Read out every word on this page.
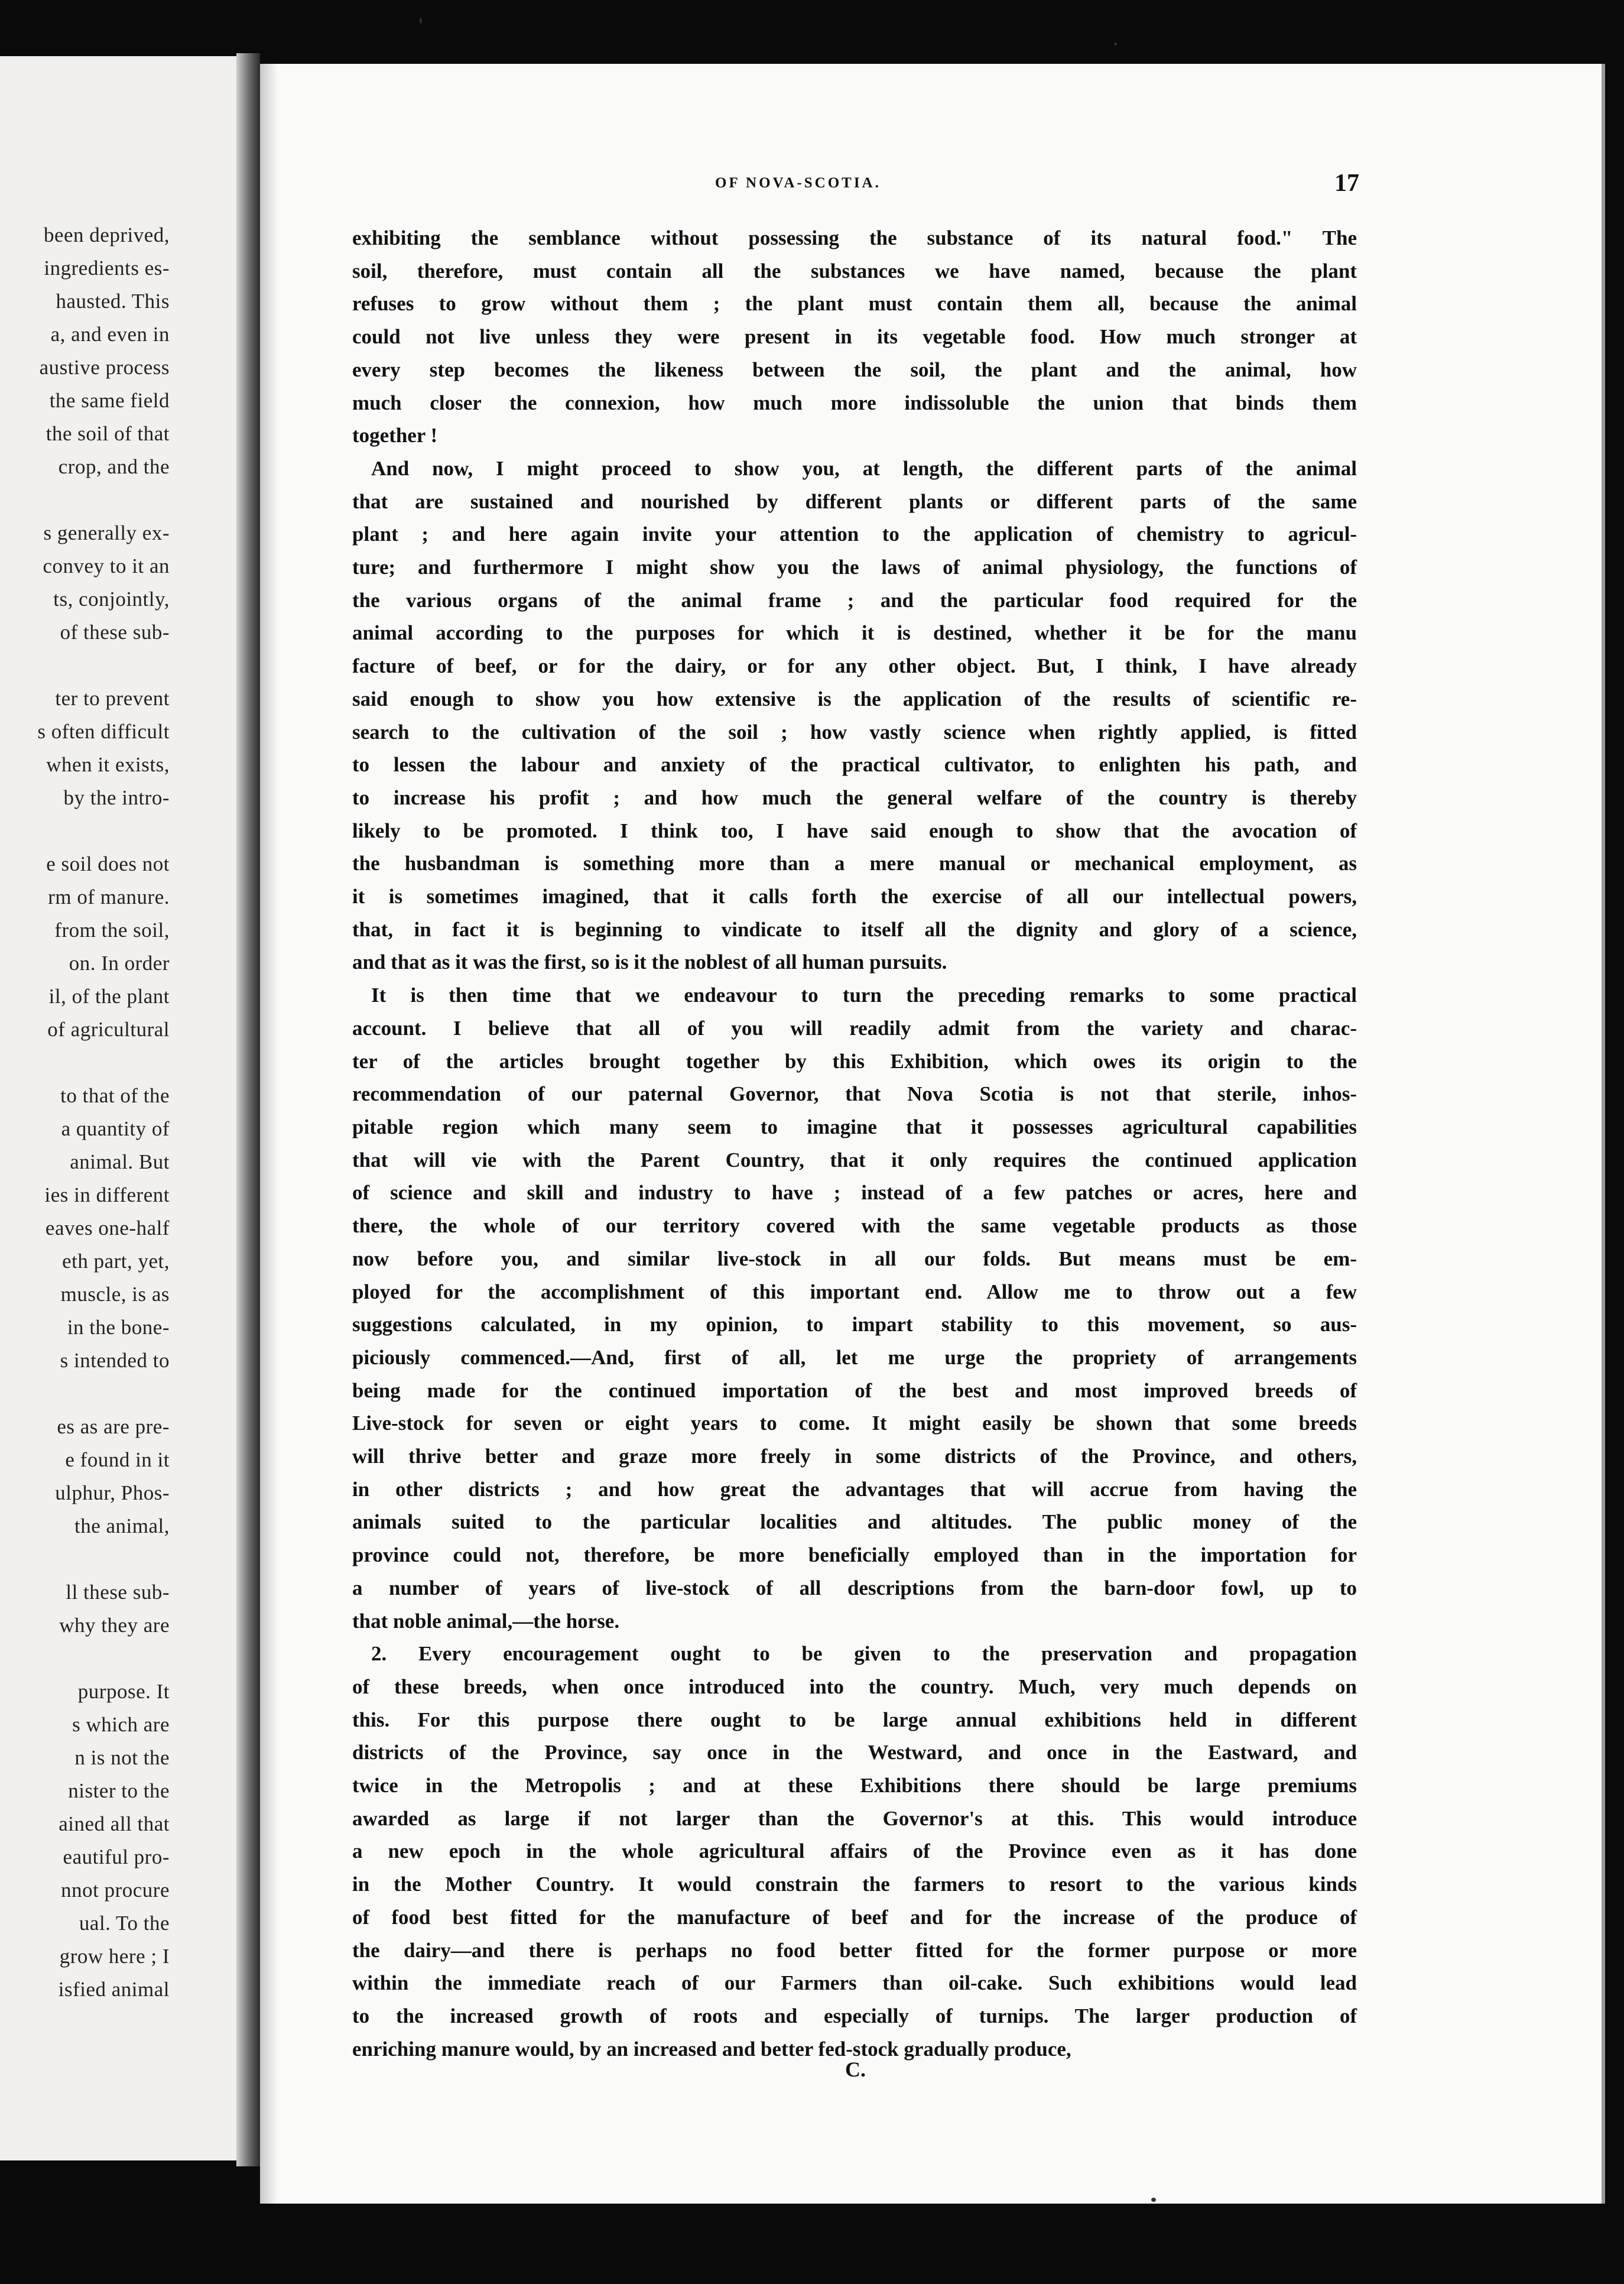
been deprived,
ingredients es-
hausted. This
a, and even in
austive process
the same field
the soil of that
crop, and the
s generally ex-
convey to it an
ts, conjointly,
of these sub-
ter to prevent
s often difficult
when it exists,
by the intro-
e soil does not
rm of manure.
from the soil,
on. In order
il, of the plant
of agricultural
to that of the
a quantity of
animal. But
ies in different
eaves one-half
eth part, yet,
muscle, is as
in the bone-
s intended to
es as are pre-
e found in it
ulphur, Phos-
the animal,
ll these sub-
why they are
purpose. It
s which are
n is not the
nister to the
ained all that
eautiful pro-
nnot procure
ual. To the
grow here ; I
isfied animal
OF NOVA-SCOTIA.	17

exhibiting the semblance without possessing the substance of its natural food." The

soil, therefore, must contain all the substances we have named, because the plant

refuses to grow without them ; the plant must contain them all, because the animal

could not live unless they were present in its vegetable food. How much stronger at

every step becomes the likeness between the soil, the plant and the animal, how

much closer the connexion, how much more indissoluble the union that binds them

together !

And now, I might proceed to show you, at length, the different parts of the animal

that are sustained and nourished by different plants or different parts of the same

plant ; and here again invite your attention to the application of chemistry to agricul-

ture; and furthermore I might show you the laws of animal physiology, the functions of

the various organs of the animal frame ; and the particular food required for the

animal according to the purposes for which it is destined, whether it be for the manu

facture of beef, or for the dairy, or for any other object. But, I think, I have already

said enough to show you how extensive is the application of the results of scientific re-

search to the cultivation of the soil ; how vastly science when rightly applied, is fitted

to lessen the labour and anxiety of the practical cultivator, to enlighten his path, and

to increase his profit ; and how much the general welfare of the country is thereby

likely to be promoted. I think too, I have said enough to show that the avocation of

the husbandman is something more than a mere manual or mechanical employment, as

it is sometimes imagined, that it calls forth the exercise of all our intellectual powers,

that, in fact it is beginning to vindicate to itself all the dignity and glory of a science,

and that as it was the first, so is it the noblest of all human pursuits.

It is then time that we endeavour to turn the preceding remarks to some practical

account. I believe that all of you will readily admit from the variety and charac-

ter of the articles brought together by this Exhibition, which owes its origin to the

recommendation of our paternal Governor, that Nova Scotia is not that sterile, inhos-

pitable region which many seem to imagine that it possesses agricultural capabilities

that will vie with the Parent Country, that it only requires the continued application

of science and skill and industry to have ; instead of a few patches or acres, here and

there, the whole of our territory covered with the same vegetable products as those

now before you, and similar live-stock in all our folds. But means must be em-

ployed for the accomplishment of this important end. Allow me to throw out a few

suggestions calculated, in my opinion, to impart stability to this movement, so aus-

piciously commenced.—And, first of all, let me urge the propriety of arrangements

being made for the continued importation of the best and most improved breeds of

Live-stock for seven or eight years to come. It might easily be shown that some breeds

will thrive better and graze more freely in some districts of the Province, and others,

in other districts ; and how great the advantages that will accrue from having the

animals suited to the particular localities and altitudes. The public money of the

province could not, therefore, be more beneficially employed than in the importation for

a number of years of live-stock of all descriptions from the barn-door fowl, up to

that noble animal,—the horse.

2. Every encouragement ought to be given to the preservation and propagation

of these breeds, when once introduced into the country. Much, very much depends on

this. For this purpose there ought to be large annual exhibitions held in different

districts of the Province, say once in the Westward, and once in the Eastward, and

twice in the Metropolis ; and at these Exhibitions there should be large premiums

awarded as large if not larger than the Governor's at this. This would introduce

a new epoch in the whole agricultural affairs of the Province even as it has done

in the Mother Country. It would constrain the farmers to resort to the various kinds

of food best fitted for the manufacture of beef and for the increase of the produce of

the dairy—and there is perhaps no food better fitted for the former purpose or more

within the immediate reach of our Farmers than oil-cake. Such exhibitions would lead

to the increased growth of roots and especially of turnips. The larger production of

enriching manure would, by an increased and better fed-stock gradually produce,

C.
